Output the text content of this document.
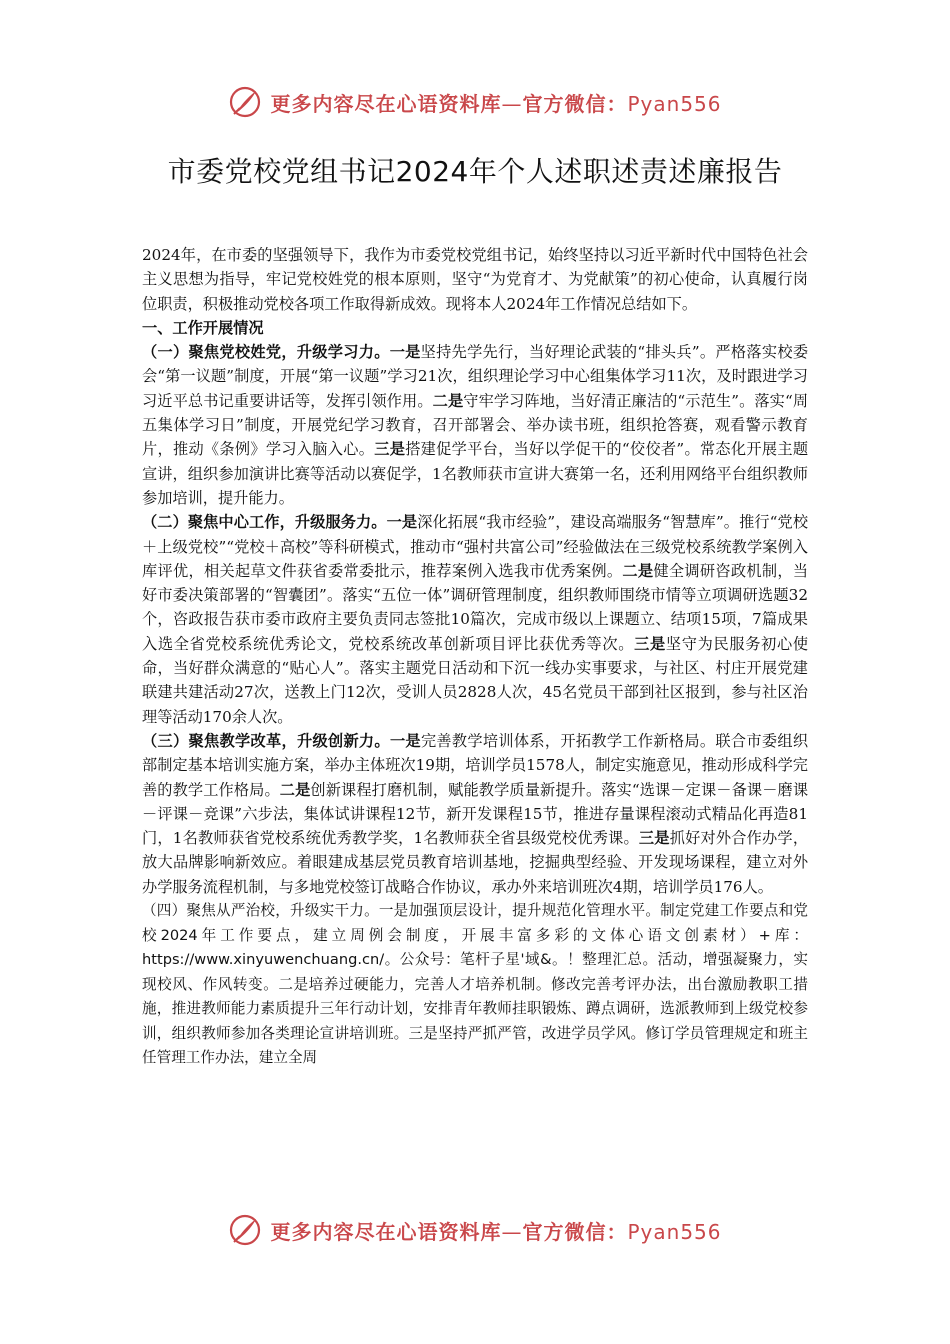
更多内容尽在心语资料库—官方微信：Pyan556
市委党校党组书记2024年个人述职述责述廉报告

2024年，在市委的坚强领导下，我作为市委党校党组书记，始终坚持以习近平新时代中国特色社会主义思想为指导，牢记党校姓党的根本原则，坚守“为党育才、为党献策”的初心使命，认真履行岗位职责，积极推动党校各项工作取得新成效。现将本人2024年工作情况总结如下。

一、工作开展情况

（一）聚焦党校姓党，升级学习力。一是坚持先学先行，当好理论武装的“排头兵”。严格落实校委会“第一议题”制度，开展“第一议题”学习21次，组织理论学习中心组集体学习11次，及时跟进学习习近平总书记重要讲话等，发挥引领作用。二是守牢学习阵地，当好清正廉洁的“示范生”。落实“周五集体学习日”制度，开展党纪学习教育，召开部署会、举办读书班，组织抢答赛，观看警示教育片，推动《条例》学习入脑入心。三是搭建促学平台，当好以学促干的“佼佼者”。常态化开展主题宣讲，组织参加演讲比赛等活动以赛促学，1名教师获市宣讲大赛第一名，还利用网络平台组织教师参加培训，提升能力。

（二）聚焦中心工作，升级服务力。一是深化拓展“我市经验”，建设高端服务“智慧库”。推行“党校＋上级党校”“党校＋高校”等科研模式，推动市“强村共富公司”经验做法在三级党校系统教学案例入库评优，相关起草文件获省委常委批示，推荐案例入选我市优秀案例。二是健全调研咨政机制，当好市委决策部署的“智囊团”。落实“五位一体”调研管理制度，组织教师围绕市情等立项调研选题32个，咨政报告获市委市政府主要负责同志签批10篇次，完成市级以上课题立、结项15项，7篇成果入选全省党校系统优秀论文，党校系统改革创新项目评比获优秀等次。三是坚守为民服务初心使命，当好群众满意的“贴心人”。落实主题党日活动和下沉一线办实事要求，与社区、村庄开展党建联建共建活动27次，送教上门12次，受训人员2828人次，45名党员干部到社区报到，参与社区治理等活动170余人次。

（三）聚焦教学改革，升级创新力。一是完善教学培训体系，开拓教学工作新格局。联合市委组织部制定基本培训实施方案，举办主体班次19期，培训学员1578人，制定实施意见，推动形成科学完善的教学工作格局。二是创新课程打磨机制，赋能教学质量新提升。落实“选课－定课－备课－磨课－评课－竞课”六步法，集体试讲课程12节，新开发课程15节，推进存量课程滚动式精品化再造81门，1名教师获省党校系统优秀教学奖，1名教师获全省县级党校优秀课。三是抓好对外合作办学，放大品牌影响新效应。着眼建成基层党员教育培训基地，挖掘典型经验、开发现场课程，建立对外办学服务流程机制，与多地党校签订战略合作协议，承办外来培训班次4期，培训学员176人。

（四）聚焦从严治校，升级实干力。一是加强顶层设计，提升规范化管理水平。制定党建工作要点和党校2024年工作要点，建立周例会制度，开展丰富多彩的文体心语文创素材）+库：https://www.xinyuwenchuang.cn/。公众号：笔杆子星'域&。！整理汇总。活动，增强凝聚力，实现校风、作风转变。二是培养过硬能力，完善人才培养机制。修改完善考评办法，出台激励教职工措施，推进教师能力素质提升三年行动计划，安排青年教师挂职锻炼、蹲点调研，选派教师到上级党校参训，组织教师参加各类理论宣讲培训班。三是坚持严抓严管，改进学员学风。修订学员管理规定和班主任管理工作办法，建立全周

更多内容尽在心语资料库—官方微信：Pyan556
